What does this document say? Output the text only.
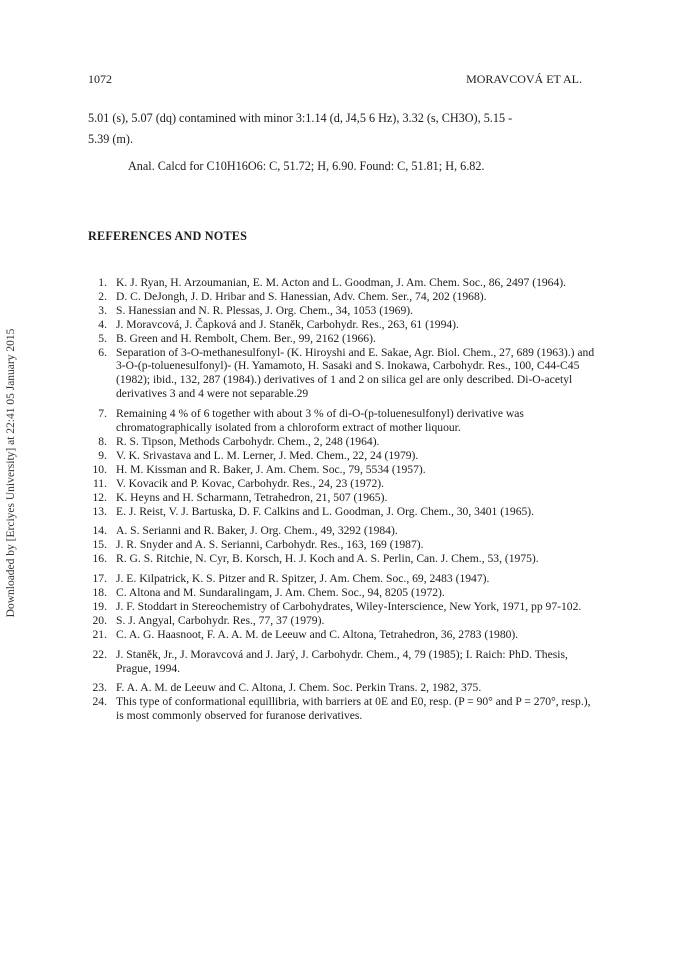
1072	MORAVCOVÁ ET AL.
Downloaded by [Erciyes University] at 22:41 05 January 2015

5.01 (s), 5.07 (dq) contamined with minor 3:1.14 (d, J4,5 6 Hz), 3.32 (s, CH3O), 5.15 -

5.39 (m).

Anal. Calcd for C10H16O6: C, 51.72; H, 6.90. Found: C, 51.81; H, 6.82.

REFERENCES AND NOTES
1. K. J. Ryan, H. Arzoumanian, E. M. Acton and L. Goodman, J. Am. Chem. Soc., 86, 2497 (1964).
2. D. C. DeJongh, J. D. Hribar and S. Hanessian, Adv. Chem. Ser., 74, 202 (1968).
3. S. Hanessian and N. R. Plessas, J. Org. Chem., 34, 1053 (1969).
4. J. Moravcová, J. Čapková and J. Staněk, Carbohydr. Res., 263, 61 (1994).
5. B. Green and H. Rembolt, Chem. Ber., 99, 2162 (1966).
6. Separation of 3-O-methanesulfonyl- (K. Hiroyshi and E. Sakae, Agr. Biol. Chem., 27, 689 (1963).) and 3-O-(p-toluenesulfonyl)- (H. Yamamoto, H. Sasaki and S. Inokawa, Carbohydr. Res., 100, C44-C45 (1982); ibid., 132, 287 (1984).) derivatives of 1 and 2 on silica gel are only described. Di-O-acetyl derivatives 3 and 4 were not separable.29
7. Remaining 4 % of 6 together with about 3 % of di-O-(p-toluenesulfonyl) derivative was chromatographically isolated from a chloroform extract of mother liquour.
8. R. S. Tipson, Methods Carbohydr. Chem., 2, 248 (1964).
9. V. K. Srivastava and L. M. Lerner, J. Med. Chem., 22, 24 (1979).
10. H. M. Kissman and R. Baker, J. Am. Chem. Soc., 79, 5534 (1957).
11. V. Kovacik and P. Kovac, Carbohydr. Res., 24, 23 (1972).
12. K. Heyns and H. Scharmann, Tetrahedron, 21, 507 (1965).
13. E. J. Reist, V. J. Bartuska, D. F. Calkins and L. Goodman, J. Org. Chem., 30, 3401 (1965).
14. A. S. Serianni and R. Baker, J. Org. Chem., 49, 3292 (1984).
15. J. R. Snyder and A. S. Serianni, Carbohydr. Res., 163, 169 (1987).
16. R. G. S. Ritchie, N. Cyr, B. Korsch, H. J. Koch and A. S. Perlin, Can. J. Chem., 53, (1975).
17. J. E. Kilpatrick, K. S. Pitzer and R. Spitzer, J. Am. Chem. Soc., 69, 2483 (1947).
18. C. Altona and M. Sundaralingam, J. Am. Chem. Soc., 94, 8205 (1972).
19. J. F. Stoddart in Stereochemistry of Carbohydrates, Wiley-Interscience, New York, 1971, pp 97-102.
20. S. J. Angyal, Carbohydr. Res., 77, 37 (1979).
21. C. A. G. Haasnoot, F. A. A. M. de Leeuw and C. Altona, Tetrahedron, 36, 2783 (1980).
22. J. Staněk, Jr., J. Moravcová and J. Jarý, J. Carbohydr. Chem., 4, 79 (1985); I. Raich: PhD. Thesis, Prague, 1994.
23. F. A. A. M. de Leeuw and C. Altona, J. Chem. Soc. Perkin Trans. 2, 1982, 375.
24. This type of conformational equillibria, with barriers at 0E and E0, resp. (P = 90° and P = 270°, resp.), is most commonly observed for furanose derivatives.
